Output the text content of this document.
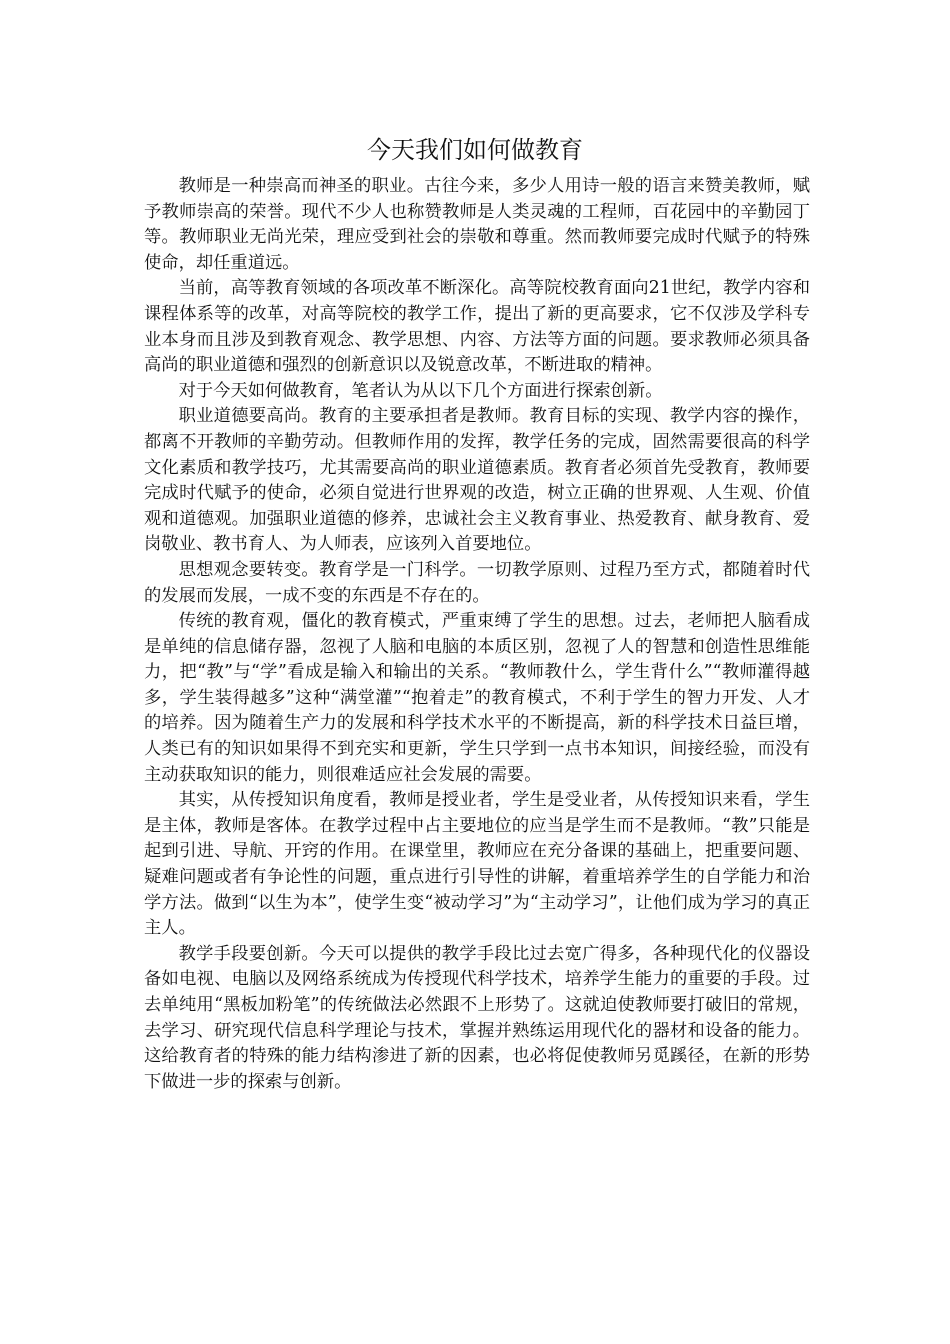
今天我们如何做教育

教师是一种崇高而神圣的职业。古往今来，多少人用诗一般的语言来赞美教师，赋予教师崇高的荣誉。现代不少人也称赞教师是人类灵魂的工程师，百花园中的辛勤园丁等。教师职业无尚光荣，理应受到社会的崇敬和尊重。然而教师要完成时代赋予的特殊使命，却任重道远。

当前，高等教育领域的各项改革不断深化。高等院校教育面向21世纪，教学内容和课程体系等的改革，对高等院校的教学工作，提出了新的更高要求，它不仅涉及学科专业本身而且涉及到教育观念、教学思想、内容、方法等方面的问题。要求教师必须具备高尚的职业道德和强烈的创新意识以及锐意改革，不断进取的精神。

对于今天如何做教育，笔者认为从以下几个方面进行探索创新。

职业道德要高尚。教育的主要承担者是教师。教育目标的实现、教学内容的操作，都离不开教师的辛勤劳动。但教师作用的发挥，教学任务的完成，固然需要很高的科学文化素质和教学技巧，尤其需要高尚的职业道德素质。教育者必须首先受教育，教师要完成时代赋予的使命，必须自觉进行世界观的改造，树立正确的世界观、人生观、价值观和道德观。加强职业道德的修养，忠诚社会主义教育事业、热爱教育、献身教育、爱岗敬业、教书育人、为人师表，应该列入首要地位。

思想观念要转变。教育学是一门科学。一切教学原则、过程乃至方式，都随着时代的发展而发展，一成不变的东西是不存在的。

传统的教育观，僵化的教育模式，严重束缚了学生的思想。过去，老师把人脑看成是单纯的信息储存器，忽视了人脑和电脑的本质区别，忽视了人的智慧和创造性思维能力，把“教”与“学”看成是输入和输出的关系。“教师教什么，学生背什么”“教师灌得越多，学生装得越多”这种“满堂灌”“抱着走”的教育模式，不利于学生的智力开发、人才的培养。因为随着生产力的发展和科学技术水平的不断提高，新的科学技术日益巨增，人类已有的知识如果得不到充实和更新，学生只学到一点书本知识，间接经验，而没有主动获取知识的能力，则很难适应社会发展的需要。

其实，从传授知识角度看，教师是授业者，学生是受业者，从传授知识来看，学生是主体，教师是客体。在教学过程中占主要地位的应当是学生而不是教师。“教”只能是起到引进、导航、开窍的作用。在课堂里，教师应在充分备课的基础上，把重要问题、疑难问题或者有争论性的问题，重点进行引导性的讲解，着重培养学生的自学能力和治学方法。做到“以生为本”，使学生变“被动学习”为“主动学习”，让他们成为学习的真正主人。

教学手段要创新。今天可以提供的教学手段比过去宽广得多，各种现代化的仪器设备如电视、电脑以及网络系统成为传授现代科学技术，培养学生能力的重要的手段。过去单纯用“黑板加粉笔”的传统做法必然跟不上形势了。这就迫使教师要打破旧的常规，去学习、研究现代信息科学理论与技术，掌握并熟练运用现代化的器材和设备的能力。这给教育者的特殊的能力结构渗进了新的因素，也必将促使教师另觅蹊径，在新的形势下做进一步的探索与创新。
